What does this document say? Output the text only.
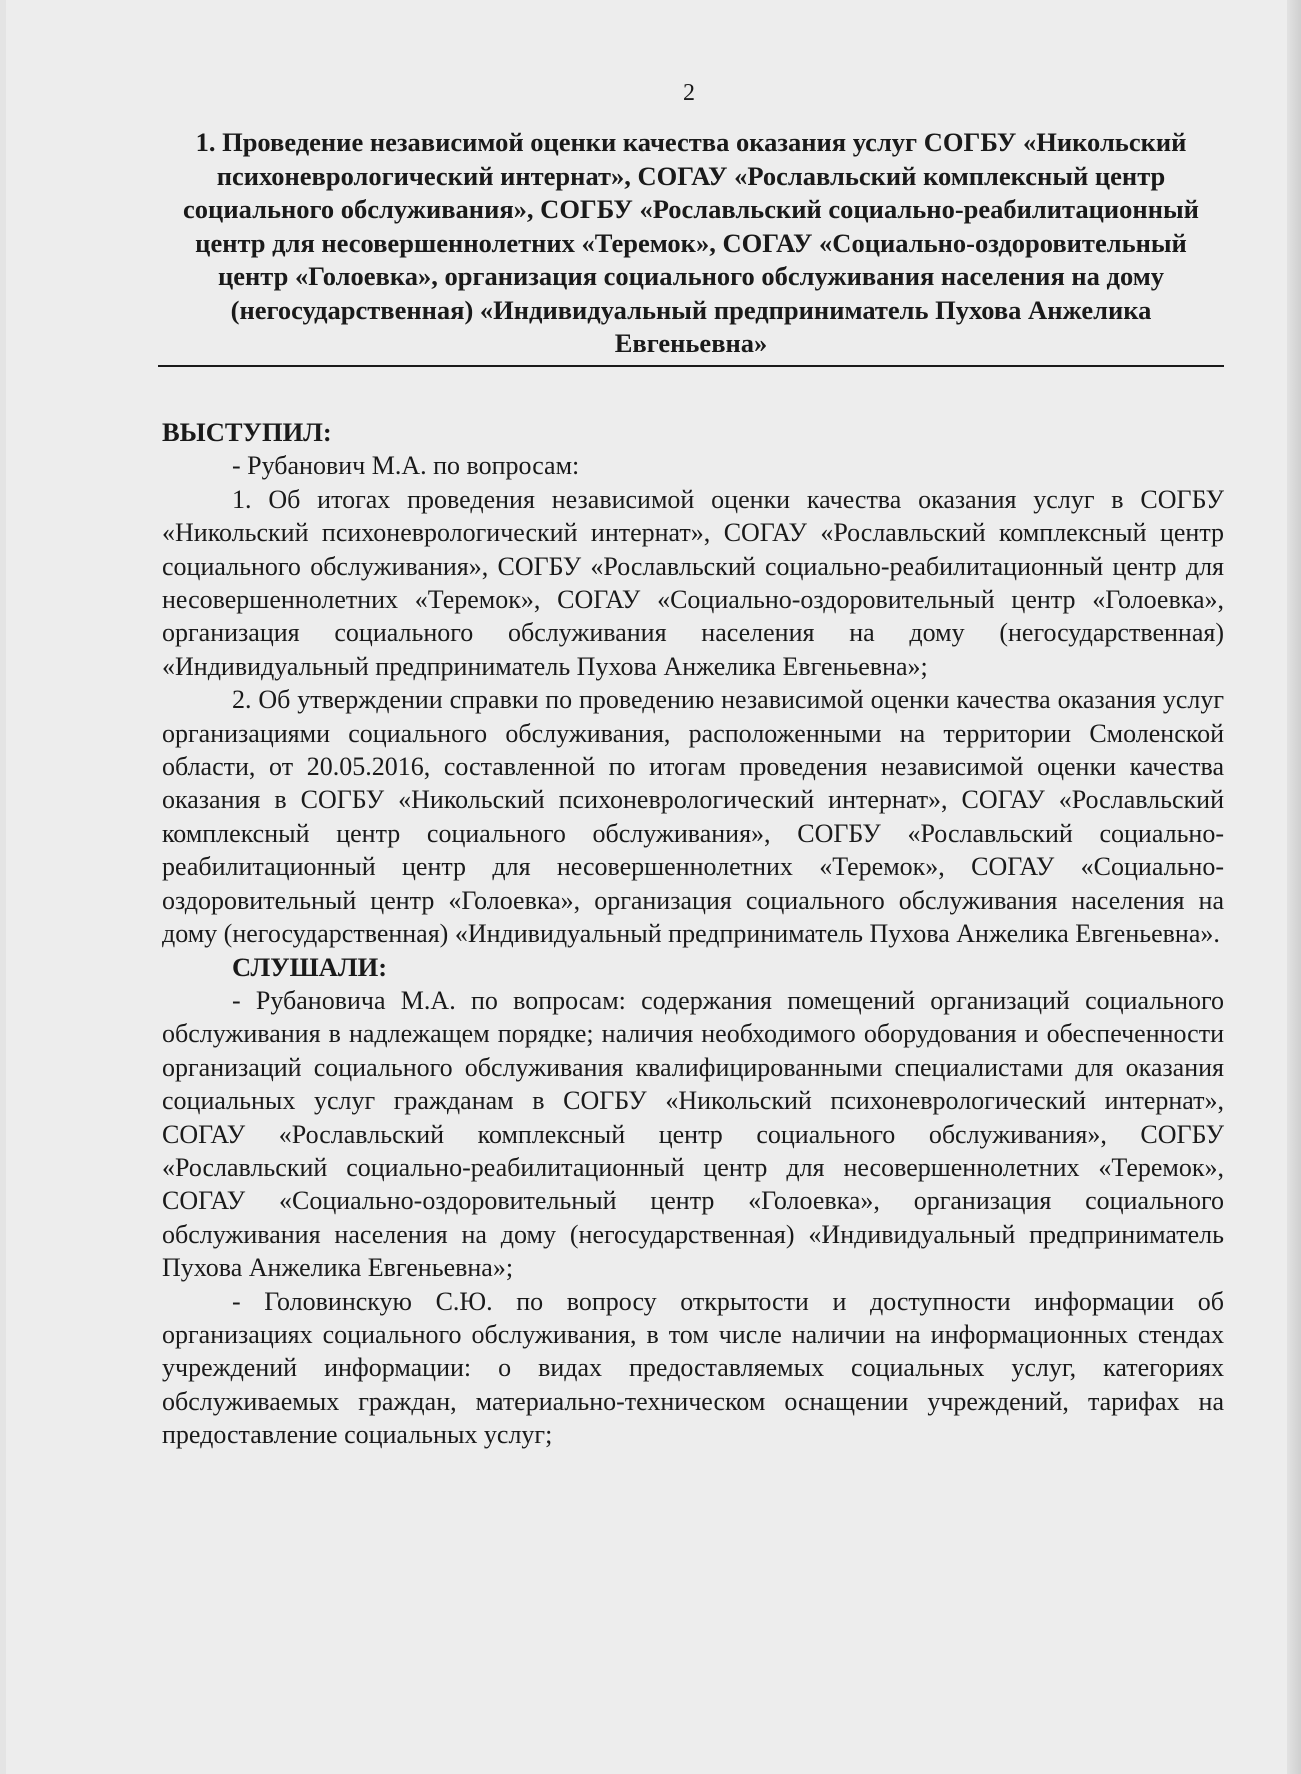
2
1. Проведение независимой оценки качества оказания услуг СОГБУ «Никольский психоневрологический интернат», СОГАУ «Рославльский комплексный центр социального обслуживания», СОГБУ «Рославльский социально-реабилитационный центр для несовершеннолетних «Теремок», СОГАУ «Социально-оздоровительный центр «Голоевка», организация социального обслуживания населения на дому (негосударственная) «Индивидуальный предприниматель Пухова Анжелика Евгеньевна»
ВЫСТУПИЛ:

- Рубанович М.А. по вопросам:

1. Об итогах проведения независимой оценки качества оказания услуг в СОГБУ «Никольский психоневрологический интернат», СОГАУ «Рославльский комплексный центр социального обслуживания», СОГБУ «Рославльский социально-реабилитационный центр для несовершеннолетних «Теремок», СОГАУ «Социально-оздоровительный центр «Голоевка», организация социального обслуживания населения на дому (негосударственная) «Индивидуальный предприниматель Пухова Анжелика Евгеньевна»;

2. Об утверждении справки по проведению независимой оценки качества оказания услуг организациями социального обслуживания, расположенными на территории Смоленской области, от 20.05.2016, составленной по итогам проведения независимой оценки качества оказания в СОГБУ «Никольский психоневрологический интернат», СОГАУ «Рославльский комплексный центр социального обслуживания», СОГБУ «Рославльский социально-реабилитационный центр для несовершеннолетних «Теремок», СОГАУ «Социально-оздоровительный центр «Голоевка», организация социального обслуживания населения на дому (негосударственная) «Индивидуальный предприниматель Пухова Анжелика Евгеньевна».

СЛУШАЛИ:

- Рубановича М.А. по вопросам: содержания помещений организаций социального обслуживания в надлежащем порядке; наличия необходимого оборудования и обеспеченности организаций социального обслуживания квалифицированными специалистами для оказания социальных услуг гражданам в СОГБУ «Никольский психоневрологический интернат», СОГАУ «Рославльский комплексный центр социального обслуживания», СОГБУ «Рославльский социально-реабилитационный центр для несовершеннолетних «Теремок», СОГАУ «Социально-оздоровительный центр «Голоевка», организация социального обслуживания населения на дому (негосударственная) «Индивидуальный предприниматель Пухова Анжелика Евгеньевна»;

- Головинскую С.Ю. по вопросу открытости и доступности информации об организациях социального обслуживания, в том числе наличии на информационных стендах учреждений информации: о видах предоставляемых социальных услуг, категориях обслуживаемых граждан, материально-техническом оснащении учреждений, тарифах на предоставление социальных услуг;
